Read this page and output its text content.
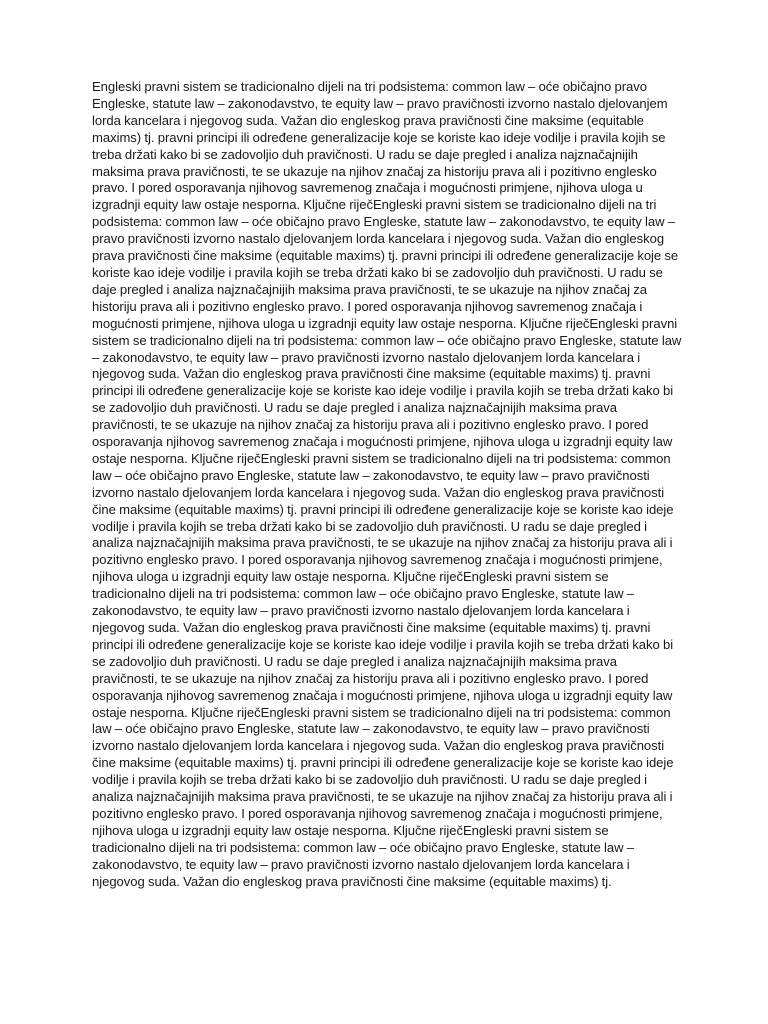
Engleski pravni sistem se tradicionalno dijeli na tri podsistema: common law – oće običajno pravo Engleske, statute law – zakonodavstvo, te equity law – pravo pravičnosti izvorno nastalo djelovanjem lorda kancelara i njegovog suda. Važan dio engleskog prava pravičnosti čine maksime (equitable maxims) tj. pravni principi ili određene generalizacije koje se koriste kao ideje vodilje i pravila kojih se treba držati kako bi se zadovoljio duh pravičnosti. U radu se daje pregled i analiza najznačajnijih maksima prava pravičnosti, te se ukazuje na njihov značaj za historiju prava ali i pozitivno englesko pravo. I pored osporavanja njihovog savremenog značaja i mogućnosti primjene, njihova uloga u izgradnji equity law ostaje nesporna. Ključne riječEngleski pravni sistem se tradicionalno dijeli na tri podsistema: common law – oće običajno pravo Engleske, statute law – zakonodavstvo, te equity law – pravo pravičnosti izvorno nastalo djelovanjem lorda kancelara i njegovog suda. Važan dio engleskog prava pravičnosti čine maksime (equitable maxims) tj. pravni principi ili određene generalizacije koje se koriste kao ideje vodilje i pravila kojih se treba držati kako bi se zadovoljio duh pravičnosti. U radu se daje pregled i analiza najznačajnijih maksima prava pravičnosti, te se ukazuje na njihov značaj za historiju prava ali i pozitivno englesko pravo. I pored osporavanja njihovog savremenog značaja i mogućnosti primjene, njihova uloga u izgradnji equity law ostaje nesporna. Ključne riječEngleski pravni sistem se tradicionalno dijeli na tri podsistema: common law – oće običajno pravo Engleske, statute law – zakonodavstvo, te equity law – pravo pravičnosti izvorno nastalo djelovanjem lorda kancelara i njegovog suda. Važan dio engleskog prava pravičnosti čine maksime (equitable maxims) tj. pravni principi ili određene generalizacije koje se koriste kao ideje vodilje i pravila kojih se treba držati kako bi se zadovoljio duh pravičnosti. U radu se daje pregled i analiza najznačajnijih maksima prava pravičnosti, te se ukazuje na njihov značaj za historiju prava ali i pozitivno englesko pravo. I pored osporavanja njihovog savremenog značaja i mogućnosti primjene, njihova uloga u izgradnji equity law ostaje nesporna. Ključne riječEngleski pravni sistem se tradicionalno dijeli na tri podsistema: common law – oće običajno pravo Engleske, statute law – zakonodavstvo, te equity law – pravo pravičnosti izvorno nastalo djelovanjem lorda kancelara i njegovog suda. Važan dio engleskog prava pravičnosti čine maksime (equitable maxims) tj. pravni principi ili određene generalizacije koje se koriste kao ideje vodilje i pravila kojih se treba držati kako bi se zadovoljio duh pravičnosti. U radu se daje pregled i analiza najznačajnijih maksima prava pravičnosti, te se ukazuje na njihov značaj za historiju prava ali i pozitivno englesko pravo. I pored osporavanja njihovog savremenog značaja i mogućnosti primjene, njihova uloga u izgradnji equity law ostaje nesporna. Ključne riječEngleski pravni sistem se tradicionalno dijeli na tri podsistema: common law – oće običajno pravo Engleske, statute law – zakonodavstvo, te equity law – pravo pravičnosti izvorno nastalo djelovanjem lorda kancelara i njegovog suda. Važan dio engleskog prava pravičnosti čine maksime (equitable maxims) tj. pravni principi ili određene generalizacije koje se koriste kao ideje vodilje i pravila kojih se treba držati kako bi se zadovoljio duh pravičnosti. U radu se daje pregled i analiza najznačajnijih maksima prava pravičnosti, te se ukazuje na njihov značaj za historiju prava ali i pozitivno englesko pravo. I pored osporavanja njihovog savremenog značaja i mogućnosti primjene, njihova uloga u izgradnji equity law ostaje nesporna. Ključne riječEngleski pravni sistem se tradicionalno dijeli na tri podsistema: common law – oće običajno pravo Engleske, statute law – zakonodavstvo, te equity law – pravo pravičnosti izvorno nastalo djelovanjem lorda kancelara i njegovog suda. Važan dio engleskog prava pravičnosti čine maksime (equitable maxims) tj. pravni principi ili određene generalizacije koje se koriste kao ideje vodilje i pravila kojih se treba držati kako bi se zadovoljio duh pravičnosti. U radu se daje pregled i analiza najznačajnijih maksima prava pravičnosti, te se ukazuje na njihov značaj za historiju prava ali i pozitivno englesko pravo. I pored osporavanja njihovog savremenog značaja i mogućnosti primjene, njihova uloga u izgradnji equity law ostaje nesporna. Ključne riječEngleski pravni sistem se tradicionalno dijeli na tri podsistema: common law – oće običajno pravo Engleske, statute law – zakonodavstvo, te equity law – pravo pravičnosti izvorno nastalo djelovanjem lorda kancelara i njegovog suda. Važan dio engleskog prava pravičnosti čine maksime (equitable maxims) tj.
